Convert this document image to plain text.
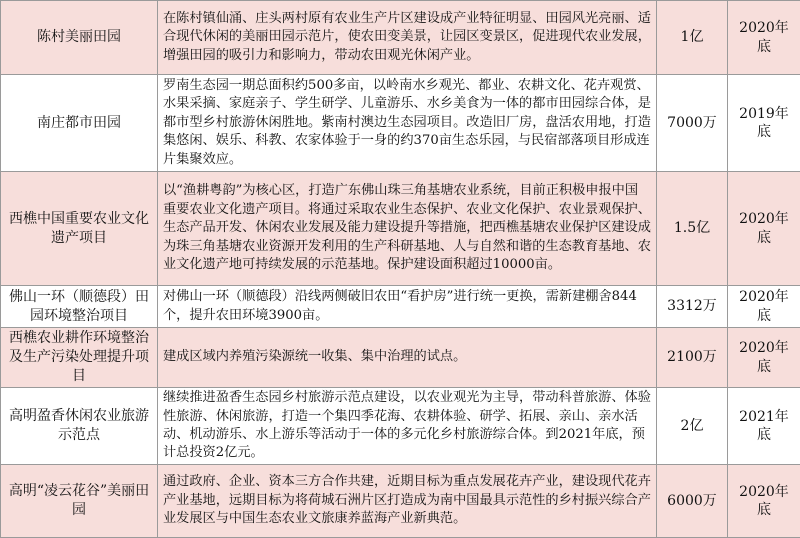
陈村美丽田园	在陈村镇仙涌、庄头两村原有农业生产片区建设成产业特征明显、田园风光亮丽、适合现代休闲的美丽田园示范片，使农田变美景，让园区变景区，促进现代农业发展，增强田园的吸引力和影响力，带动农田观光休闲产业。	1亿	2020年底
南庄都市田园	罗南生态园一期总面积约500多亩，以岭南水乡观光、都业、农耕文化、花卉观赏、水果采摘、家庭亲子、学生研学、儿童游乐、水乡美食为一体的都市田园综合体，是都市型乡村旅游休闲胜地。紫南村澳边生态园项目。改造旧厂房，盘活农用地，打造集悠闲、娱乐、科教、农家体验于一身的约370亩生态乐园，与民宿部落项目形成连片集聚效应。	7000万	2019年底
西樵中国重要农业文化遗产项目	以“渔耕粤韵”为核心区，打造广东佛山珠三角基塘农业系统，目前正积极申报中国重要农业文化遗产项目。将通过采取农业生态保护、农业文化保护、农业景观保护、生态产品开发、休闲农业发展及能力建设提升等措施，把西樵基塘农业保护区建设成为珠三角基塘农业资源开发利用的生产科研基地、人与自然和谐的生态教育基地、农业文化遗产地可持续发展的示范基地。保护建设面积超过10000亩。	1.5亿	2020年底
佛山一环（顺德段）田园环境整治项目	对佛山一环（顺德段）沿线两侧破旧农田“看护房”进行统一更换，需新建棚舍844个，提升农田环境3900亩。	3312万	2020年底
西樵农业耕作环境整治及生产污染处理提升项目	建成区域内养殖污染源统一收集、集中治理的试点。	2100万	2020年底
高明盈香休闲农业旅游示范点	继续推进盈香生态园乡村旅游示范点建设，以农业观光为主导，带动科普旅游、体验性旅游、休闲旅游，打造一个集四季花海、农耕体验、研学、拓展、亲山、亲水活动、机动游乐、水上游乐等活动于一体的多元化乡村旅游综合体。到2021年底，预计总投资2亿元。	2亿	2021年底
高明“凌云花谷”美丽田园	通过政府、企业、资本三方合作共建，近期目标为重点发展花卉产业，建设现代花卉产业基地，远期目标为将荷城石洲片区打造成为南中国最具示范性的乡村振兴综合产业发展区与中国生态农业文旅康养蓝海产业新典范。	6000万	2020年底
